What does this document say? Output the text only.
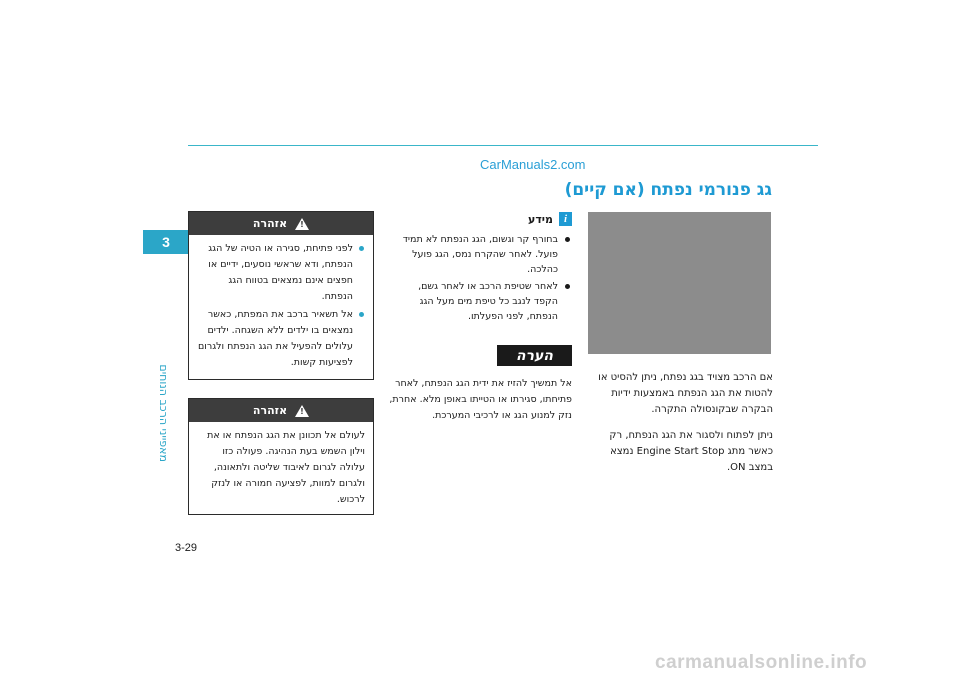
CarManuals2.com
גג פנורמי נפתח (אם קיים)
3
מאפייני הרכב הנוחים	אם הרכב מצויד בגג נפתח, ניתן להסיט או להטות את הגג הנפתח באמצעות ידיות הבקרה שבקונסולה התקרה.

ניתן לפתוח ולסגור את הגג הנפתח, רק כאשר מתג Engine Start Stop נמצא במצב ON.

מידע i
בחורף קר וגשום, הגג הנפתח לא תמיד פועל. לאחר שהקרח נמס, הגג פועל כהלכה.
לאחר שטיפת הרכב או לאחר גשם, הקפד לנגב כל טיפת מים מעל הגג הנפתח, לפני הפעלתו.
הערה
אל תמשיך להזיז את ידית הגג הנפתח, לאחר פתיחתו, סגירתו או הטייתו באופן מלא. אחרת, נזק למנוע הגג או לרכיבי המערכת.
אזהרה !
לפני פתיחת, סגירה או הטיה של הגג הנפתח, ודא שראשי נוסעים, ידיים או חפצים אינם נמצאים בטווח הגג הנפתח.
אל תשאיר ברכב את המפתח, כאשר נמצאים בו ילדים ללא השגחה. ילדים עלולים להפעיל את הגג הנפתח ולגרום לפציעות קשות.
אזהרה !
לעולם אל תכוונן את הגג הנפתח או את וילון השמש בעת הנהיגה. פעולה כזו עלולה לגרום לאיבוד שליטה ולתאונה, ולגרום למוות, לפציעה חמורה או לנזק לרכוש.
3-29
carmanualsonline.info
